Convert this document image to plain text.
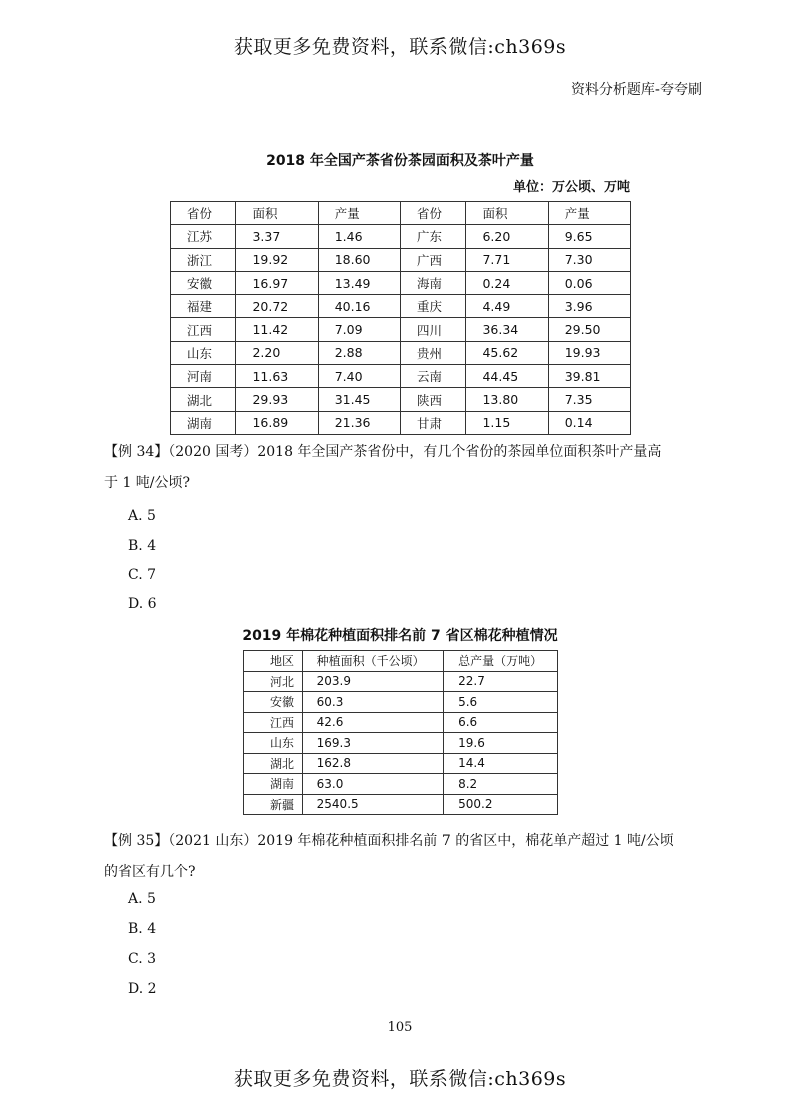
获取更多免费资料，联系微信:ch369s
资料分析题库-夸夸刷
2018 年全国产茶省份茶园面积及茶叶产量
单位：万公顷、万吨
省份	面积	产量	省份	面积	产量
江苏	3.37	1.46	广东	6.20	9.65
浙江	19.92	18.60	广西	7.71	7.30
安徽	16.97	13.49	海南	0.24	0.06
福建	20.72	40.16	重庆	4.49	3.96
江西	11.42	7.09	四川	36.34	29.50
山东	2.20	2.88	贵州	45.62	19.93
河南	11.63	7.40	云南	44.45	39.81
湖北	29.93	31.45	陕西	13.80	7.35
湖南	16.89	21.36	甘肃	1.15	0.14
【例 34】（2020 国考）2018 年全国产茶省份中，有几个省份的茶园单位面积茶叶产量高
于 1 吨/公顷?
A. 5
B. 4
C. 7
D. 6
2019 年棉花种植面积排名前 7 省区棉花种植情况
地区	种植面积（千公顷）	总产量（万吨）
河北	203.9	22.7
安徽	60.3	5.6
江西	42.6	6.6
山东	169.3	19.6
湖北	162.8	14.4
湖南	63.0	8.2
新疆	2540.5	500.2
【例 35】（2021 山东）2019 年棉花种植面积排名前 7 的省区中，棉花单产超过 1 吨/公顷
的省区有几个?
A. 5
B. 4
C. 3
D. 2
105
获取更多免费资料，联系微信:ch369s
